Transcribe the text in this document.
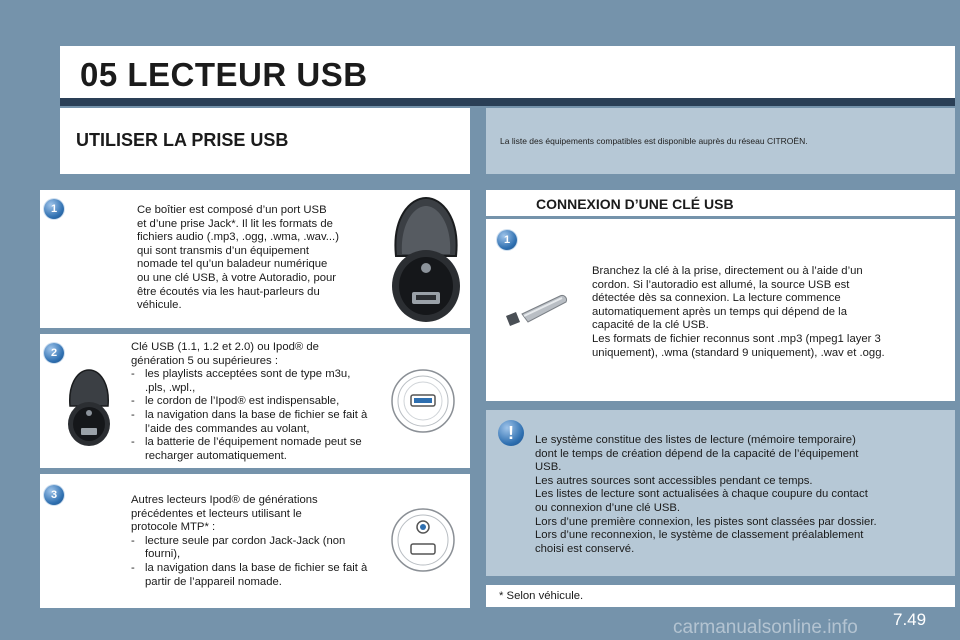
05 LECTEUR USB
UTILISER LA PRISE USB	La liste des équipements compatibles est disponible auprès du réseau CITROËN.
1	Ce boîtier est composé d’un port USB
et d’une prise Jack*. Il lit les formats de
fichiers audio (.mp3, .ogg, .wma, .wav...)
qui sont transmis d’un équipement
nomade tel qu’un baladeur numérique
ou une clé USB, à votre Autoradio, pour
être écoutés via les haut-parleurs du
véhicule.
2	Clé USB (1.1, 1.2 et 2.0) ou Ipod® de
génération 5 ou supérieures :
- les playlists acceptées sont de type m3u, .pls, .wpl.,
- le cordon de l’Ipod® est indispensable,
- la navigation dans la base de fichier se fait à l’aide des commandes au volant,
- la batterie de l’équipement nomade peut se recharger automatiquement.
3	Autres lecteurs Ipod® de générations
précédentes et lecteurs utilisant le
protocole MTP* :
- lecture seule par cordon Jack-Jack (non fourni),
- la navigation dans la base de fichier se fait à partir de l’appareil nomade.
CONNEXION D’UNE CLÉ USB
1
Branchez la clé à la prise, directement ou à l’aide d’un
cordon. Si l’autoradio est allumé, la source USB est
détectée dès sa connexion. La lecture commence
automatiquement après un temps qui dépend de la
capacité de la clé USB.
Les formats de fichier reconnus sont .mp3 (mpeg1 layer 3
uniquement), .wma (standard 9 uniquement), .wav et .ogg.
!	Le système constitue des listes de lecture (mémoire temporaire)
dont le temps de création dépend de la capacité de l’équipement
USB.
Les autres sources sont accessibles pendant ce temps.
Les listes de lecture sont actualisées à chaque coupure du contact
ou connexion d’une clé USB.
Lors d’une première connexion, les pistes sont classées par dossier.
Lors d’une reconnexion, le système de classement préalablement
choisi est conservé.
* Selon véhicule.
carmanualsonline.info 7.49
